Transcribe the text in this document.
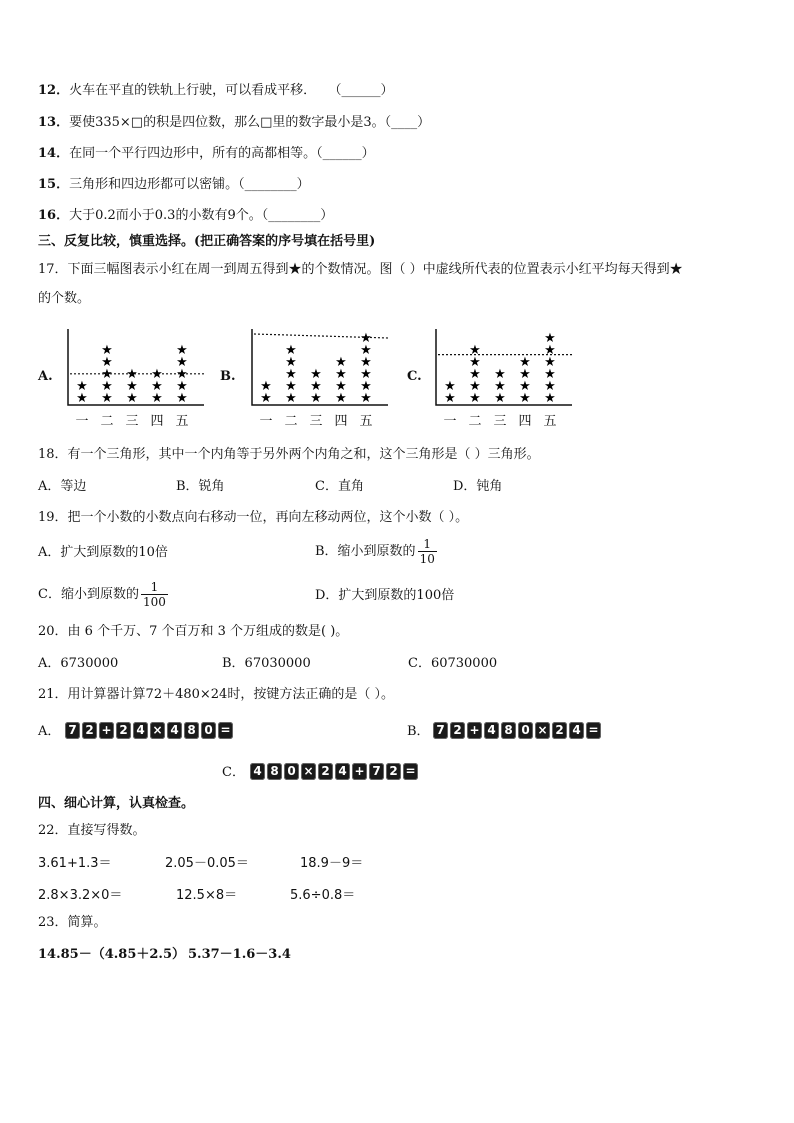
12．火车在平直的铁轨上行驶，可以看成平移． （______）
13．要使335×□的积是四位数，那么□里的数字最小是3。（____）
14．在同一个平行四边形中，所有的高都相等。（______）
15．三角形和四边形都可以密铺。（________）
16．大于0.2而小于0.3的小数有9个。（________）
三、反复比较，慎重选择。(把正确答案的序号填在括号里)
17．下面三幅图表示小红在周一到周五得到★的个数情况。图（ ）中虚线所代表的位置表示小红平均每天得到★
的个数。
A.
★
★
一
★
★
★
★
★
二
★
★
★
三
★
★
★
四
★
★
★
★
★
五
B.
★
★
一
★
★
★
★
★
二
★
★
★
三
★
★
★
★
四
★
★
★
★
★
★
五
C.
★
★
一
★
★
★
★
★
二
★
★
★
三
★
★
★
★
四
★
★
★
★
★
★
五
18．有一个三角形，其中一个内角等于另外两个内角之和，这个三角形是（ ）三角形。
A．等边	B．锐角	C．直角	D．钝角
19．把一个小数的小数点向右移动一位，再向左移动两位，这个小数（ ）。
A．扩大到原数的10倍	B．缩小到原数的 $\frac{1}{10}$
C．缩小到原数的 $\frac{1}{100}$	D．扩大到原数的100倍
20．由 6 个千万、7 个百万和 3 个万组成的数是( )。
A．6730000	B．67030000	C．60730000
21．用计算器计算72＋480×24时，按键方法正确的是（ ）。
A． 7 2 + 2 4 × 4 8 0 =	B． 7 2 + 4 8 0 × 2 4 =
C． 4 8 0 × 2 4 + 7 2 =
四、细心计算，认真检查。
22．直接写得数。
3.61+1.3＝	2.05－0.05＝	18.9－9＝
2.8×3.2×0＝	12.5×8＝	5.6÷0.8＝
23．简算。
14.85－（4.85＋2.5） 5.37－1.6－3.4
